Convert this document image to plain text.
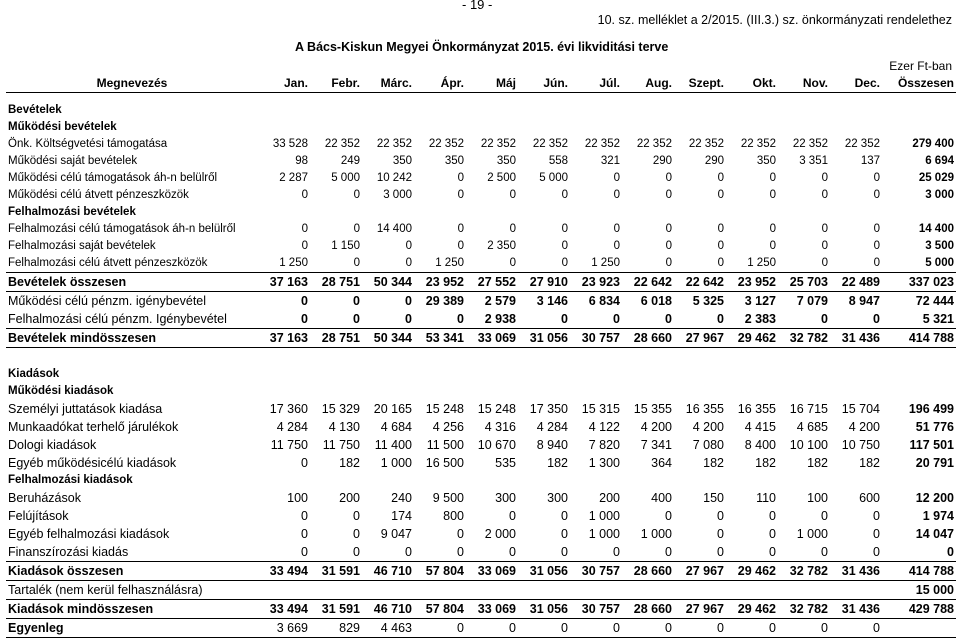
- 19 -
10. sz. melléklet a 2/2015. (III.3.) sz. önkormányzati rendelethez
A Bács-Kiskun Megyei Önkormányzat 2015. évi likviditási terve
Ezer Ft-ban
Megnevezés	Jan.	Febr.	Márc.	Ápr.	Máj	Jún.	Júl.	Aug.	Szept.	Okt.	Nov.	Dec.	Összesen

Bevételek													
Működési bevételek													
Önk. Költségvetési támogatása	33 528	22 352	22 352	22 352	22 352	22 352	22 352	22 352	22 352	22 352	22 352	22 352	279 400
Működési saját bevételek	98	249	350	350	350	558	321	290	290	350	3 351	137	6 694
Működési célú támogatások áh-n belülről	2 287	5 000	10 242	0	2 500	5 000	0	0	0	0	0	0	25 029
Működési célú átvett pénzeszközök	0	0	3 000	0	0	0	0	0	0	0	0	0	3 000
Felhalmozási bevételek													
Felhalmozási célú támogatások áh-n belülről	0	0	14 400	0	0	0	0	0	0	0	0	0	14 400
Felhalmozási saját bevételek	0	1 150	0	0	2 350	0	0	0	0	0	0	0	3 500
Felhalmozási célú átvett pénzeszközök	1 250	0	0	1 250	0	0	1 250	0	0	1 250	0	0	5 000
Bevételek összesen	37 163	28 751	50 344	23 952	27 552	27 910	23 923	22 642	22 642	23 952	25 703	22 489	337 023
Működési célú pénzm. igénybevétel	0	0	0	29 389	2 579	3 146	6 834	6 018	5 325	3 127	7 079	8 947	72 444
Felhalmozási célú pénzm. Igénybevétel	0	0	0	0	2 938	0	0	0	0	2 383	0	0	5 321
Bevételek mindösszesen	37 163	28 751	50 344	53 341	33 069	31 056	30 757	28 660	27 967	29 462	32 782	31 436	414 788

Kiadások													
Működési kiadások													
Személyi juttatások kiadása	17 360	15 329	20 165	15 248	15 248	17 350	15 315	15 355	16 355	16 355	16 715	15 704	196 499
Munkaadókat terhelő járulékok	4 284	4 130	4 684	4 256	4 316	4 284	4 122	4 200	4 200	4 415	4 685	4 200	51 776
Dologi kiadások	11 750	11 750	11 400	11 500	10 670	8 940	7 820	7 341	7 080	8 400	10 100	10 750	117 501
Egyéb működésicélú kiadások	0	182	1 000	16 500	535	182	1 300	364	182	182	182	182	20 791
Felhalmozási kiadások													
Beruházások	100	200	240	9 500	300	300	200	400	150	110	100	600	12 200
Felújítások	0	0	174	800	0	0	1 000	0	0	0	0	0	1 974
Egyéb felhalmozási kiadások	0	0	9 047	0	2 000	0	1 000	1 000	0	0	1 000	0	14 047
Finanszírozási kiadás	0	0	0	0	0	0	0	0	0	0	0	0	0
Kiadások összesen	33 494	31 591	46 710	57 804	33 069	31 056	30 757	28 660	27 967	29 462	32 782	31 436	414 788
Tartalék (nem kerül felhasználásra)													15 000
Kiadások mindösszesen	33 494	31 591	46 710	57 804	33 069	31 056	30 757	28 660	27 967	29 462	32 782	31 436	429 788
Egyenleg	3 669	829	4 463	0	0	0	0	0	0	0	0	0	
